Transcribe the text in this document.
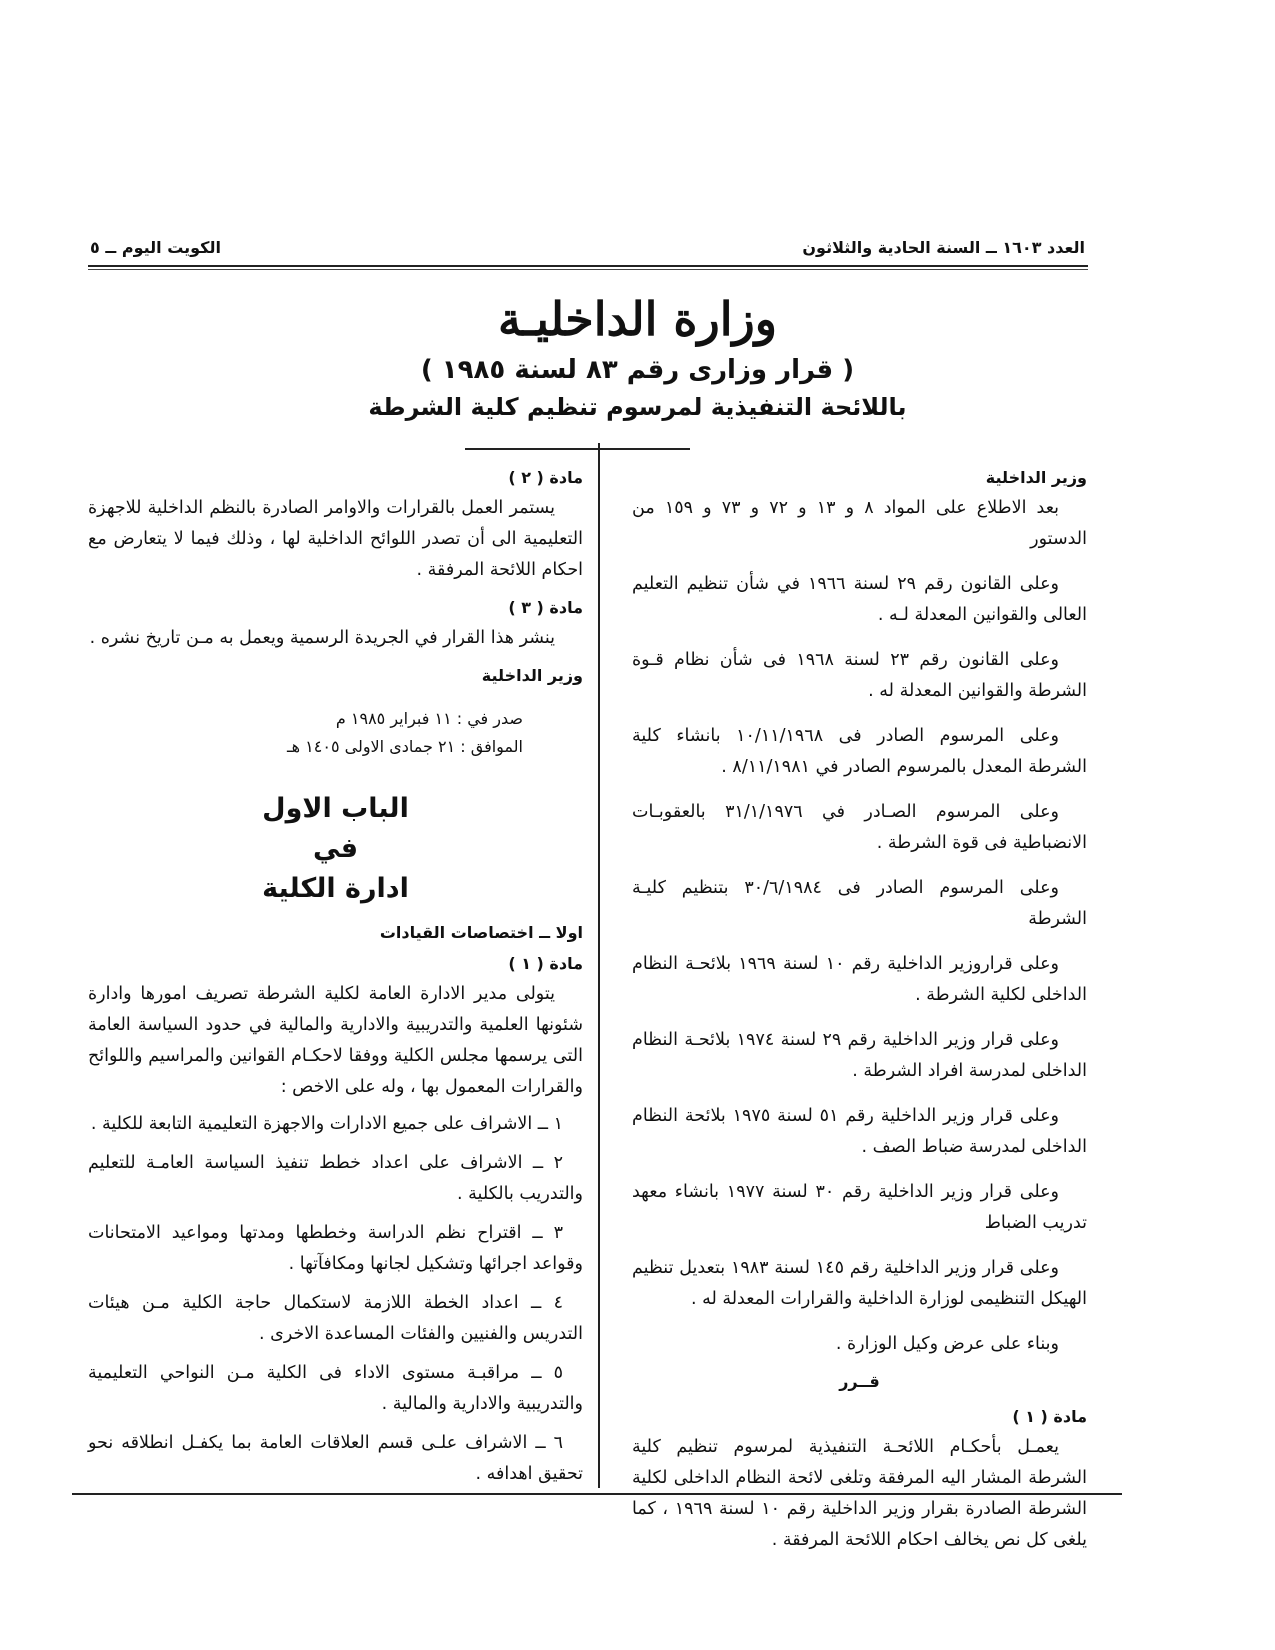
العدد ١٦٠٣ ــ السنة الحادية والثلاثون
الكويت اليوم ــ ٥
وزارة الداخليـة
( قرار وزارى رقم ٨٣ لسنة ١٩٨٥ )
باللائحة التنفيذية لمرسوم تنظيم كلية الشرطة
وزير الداخلية

بعد الاطلاع على المواد ٨ و ١٣ و ٧٢ و ٧٣ و ١٥٩ من الدستور

وعلى القانون رقم ٢٩ لسنة ١٩٦٦ في شأن تنظيم التعليم العالى والقوانين المعدلة لـه .

وعلى القانون رقم ٢٣ لسنة ١٩٦٨ فى شأن نظام قـوة الشرطة والقوانين المعدلة له .

وعلى المرسوم الصادر فى ١٠/١١/١٩٦٨ بانشاء كلية الشرطة المعدل بالمرسوم الصادر في ٨/١١/١٩٨١ .

وعلى المرسوم الصـادر في ٣١/١/١٩٧٦ بالعقوبـات الانضباطية فى قوة الشرطة .

وعلى المرسوم الصادر فى ٣٠/٦/١٩٨٤ بتنظيم كليـة الشرطة

وعلى قراروزير الداخلية رقم ١٠ لسنة ١٩٦٩ بلائحـة النظام الداخلى لكلية الشرطة .

وعلى قرار وزير الداخلية رقم ٢٩ لسنة ١٩٧٤ بلائحـة النظام الداخلى لمدرسة افراد الشرطة .

وعلى قرار وزير الداخلية رقم ٥١ لسنة ١٩٧٥ بلائحة النظام الداخلى لمدرسة ضباط الصف .

وعلى قرار وزير الداخلية رقم ٣٠ لسنة ١٩٧٧ بانشاء معهد تدريب الضباط

وعلى قرار وزير الداخلية رقم ١٤٥ لسنة ١٩٨٣ بتعديل تنظيم الهيكل التنظيمى لوزارة الداخلية والقرارات المعدلة له .

وبناء على عرض وكيل الوزارة .

قــرر
مادة ( ١ )

يعمـل بأحكـام اللائحـة التنفيذية لمرسوم تنظيم كلية الشرطة المشار اليه المرفقة وتلغى لائحة النظام الداخلى لكلية الشرطة الصادرة بقرار وزير الداخلية رقم ١٠ لسنة ١٩٦٩ ، كما يلغى كل نص يخالف احكام اللائحة المرفقة .

مادة ( ٢ )

يستمر العمل بالقرارات والاوامر الصادرة بالنظم الداخلية للاجهزة التعليمية الى أن تصدر اللوائح الداخلية لها ، وذلك فيما لا يتعارض مع احكام اللائحة المرفقة .

مادة ( ٣ )

ينشر هذا القرار في الجريدة الرسمية ويعمل به مـن تاريخ نشره .

وزير الداخلية
صدر في : ١١ فبراير ١٩٨٥ م
الموافق : ٢١ جمادى الاولى ١٤٠٥ هـ
الباب الاول
في
ادارة الكلية
اولا ــ اختصاصات القيادات
مادة ( ١ )

يتولى مدير الادارة العامة لكلية الشرطة تصريف امورها وادارة شئونها العلمية والتدريبية والادارية والمالية في حدود السياسة العامة التى يرسمها مجلس الكلية ووفقا لاحكـام القوانين والمراسيم واللوائح والقرارات المعمول بها ، وله على الاخص :

١ ــ الاشراف على جميع الادارات والاجهزة التعليمية التابعة للكلية .

٢ ــ الاشراف على اعداد خطط تنفيذ السياسة العامـة للتعليم والتدريب بالكلية .

٣ ــ اقتراح نظم الدراسة وخططها ومدتها ومواعيد الامتحانات وقواعد اجرائها وتشكيل لجانها ومكافآتها .

٤ ــ اعداد الخطة اللازمة لاستكمال حاجة الكلية مـن هيئات التدريس والفنيين والفئات المساعدة الاخرى .

٥ ــ مراقبـة مستوى الاداء فى الكلية مـن النواحي التعليمية والتدريبية والادارية والمالية .

٦ ــ الاشراف علـى قسم العلاقات العامة بما يكفـل انطلاقه نحو تحقيق اهدافه .
